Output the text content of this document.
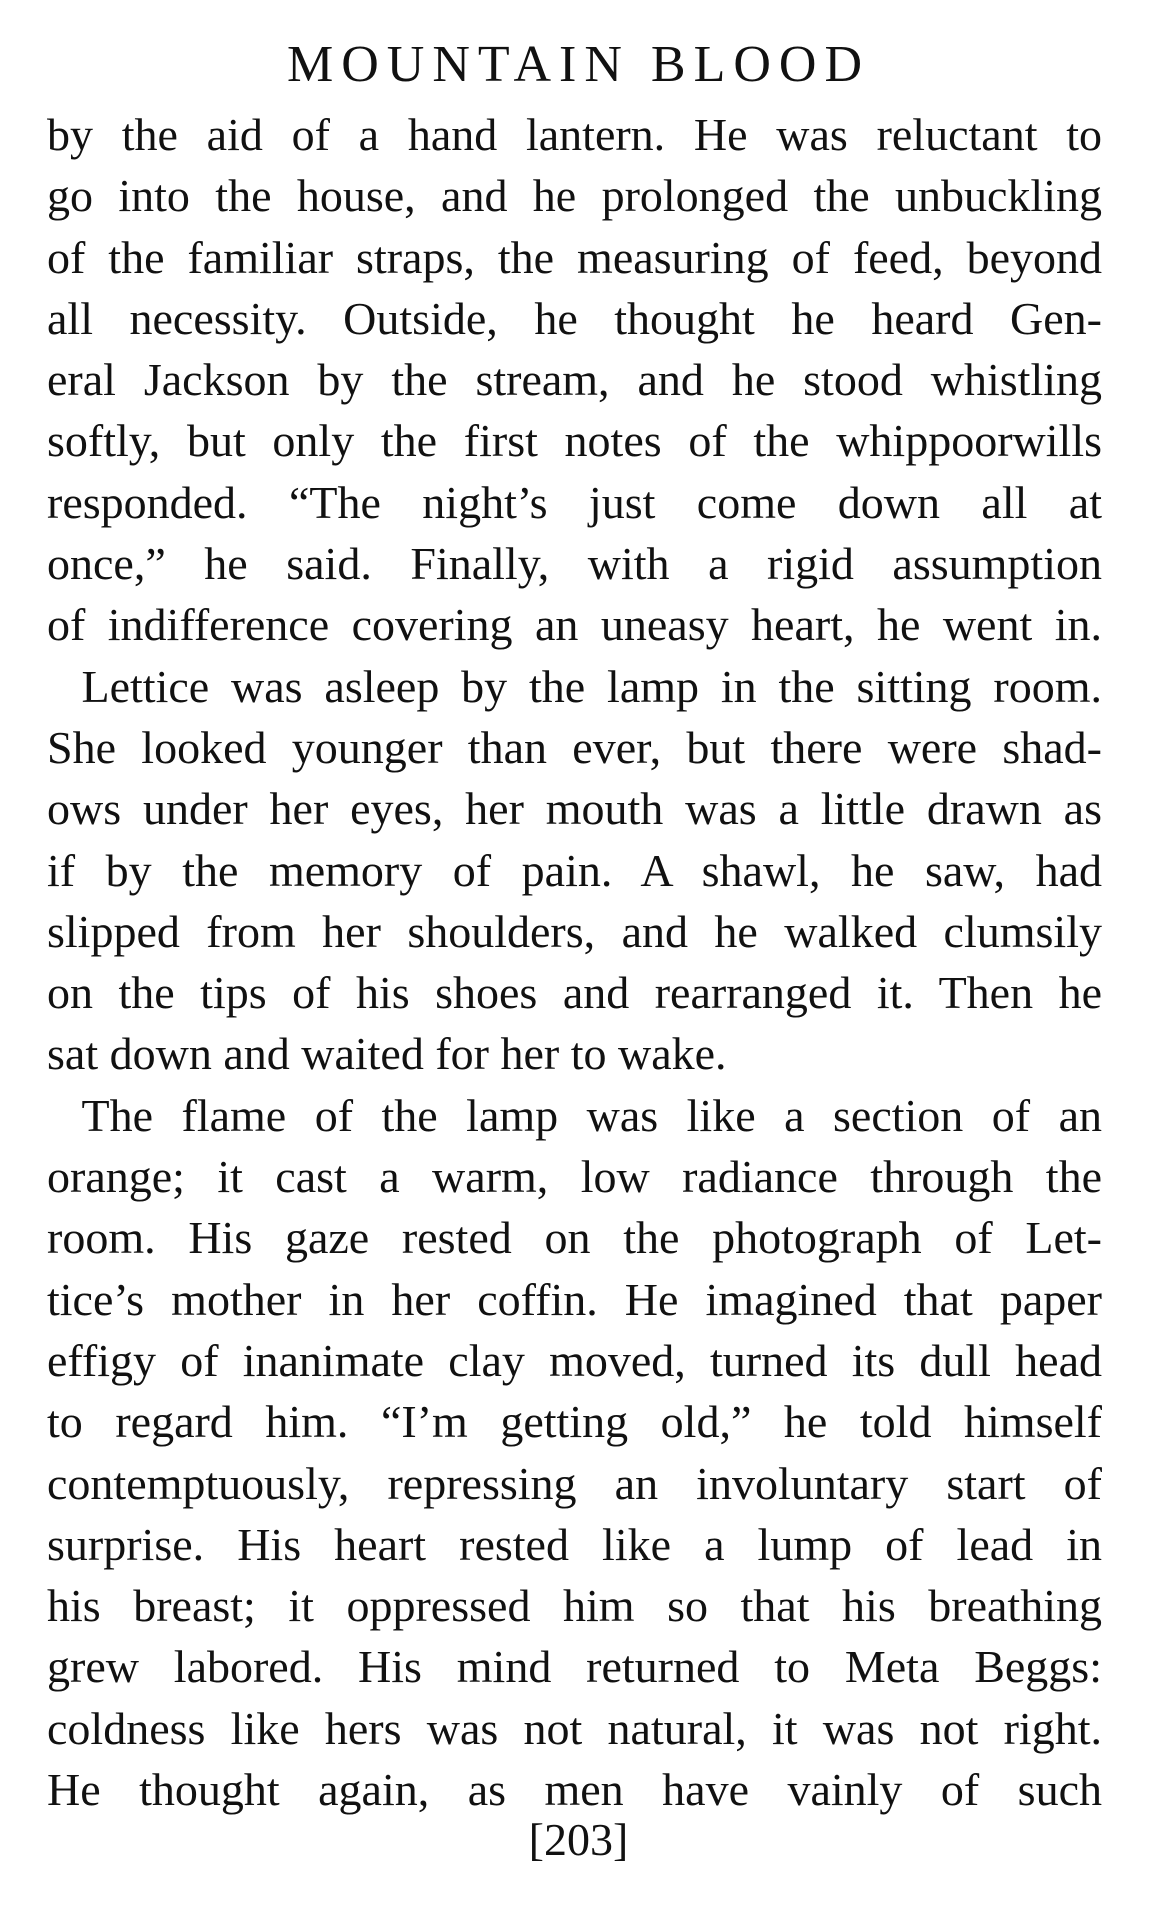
MOUNTAIN BLOOD
by the aid of a hand lantern. He was reluctant to
go into the house, and he prolonged the unbuckling
of the familiar straps, the measuring of feed, beyond
all necessity. Outside, he thought he heard Gen-
eral Jackson by the stream, and he stood whistling
softly, but only the first notes of the whippoorwills
responded. “The night’s just come down all at
once,” he said. Finally, with a rigid assumption
of indifference covering an uneasy heart, he went in.
Lettice was asleep by the lamp in the sitting room.
She looked younger than ever, but there were shad-
ows under her eyes, her mouth was a little drawn as
if by the memory of pain. A shawl, he saw, had
slipped from her shoulders, and he walked clumsily
on the tips of his shoes and rearranged it. Then he
sat down and waited for her to wake.
The flame of the lamp was like a section of an
orange; it cast a warm, low radiance through the
room. His gaze rested on the photograph of Let-
tice’s mother in her coffin. He imagined that paper
effigy of inanimate clay moved, turned its dull head
to regard him. “I’m getting old,” he told himself
contemptuously, repressing an involuntary start of
surprise. His heart rested like a lump of lead in
his breast; it oppressed him so that his breathing
grew labored. His mind returned to Meta Beggs:
coldness like hers was not natural, it was not right.
He thought again, as men have vainly of such
[203]
